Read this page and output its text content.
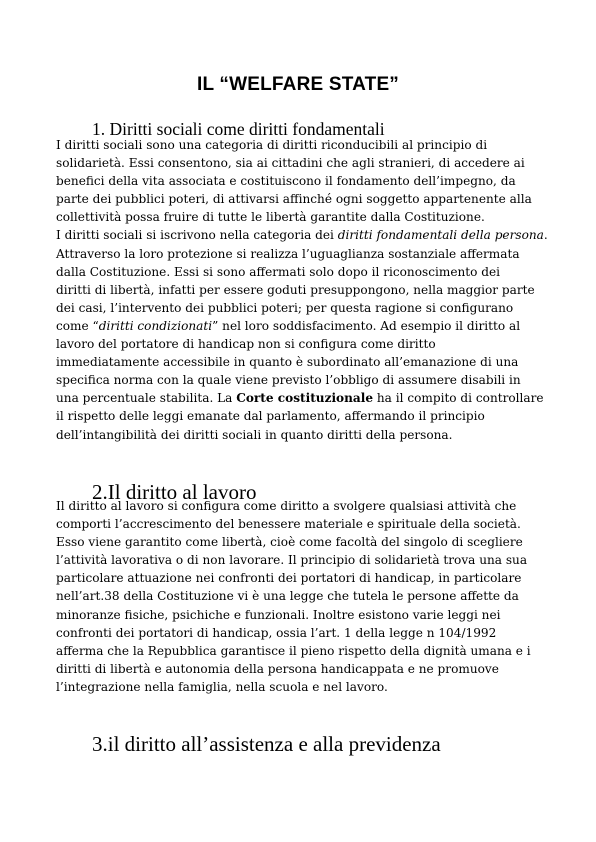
IL “WELFARE STATE”
1. Diritti sociali come diritti fondamentali
I diritti sociali sono una categoria di diritti riconducibili al principio di
solidarietà. Essi consentono, sia ai cittadini che agli stranieri, di accedere ai
benefici della vita associata e costituiscono il fondamento dell’impegno, da
parte dei pubblici poteri, di attivarsi affinché ogni soggetto appartenente alla
collettività possa fruire di tutte le libertà garantite dalla Costituzione.
I diritti sociali si iscrivono nella categoria dei diritti fondamentali della persona.
Attraverso la loro protezione si realizza l’uguaglianza sostanziale affermata
dalla Costituzione. Essi si sono affermati solo dopo il riconoscimento dei
diritti di libertà, infatti per essere goduti presuppongono, nella maggior parte
dei casi, l’intervento dei pubblici poteri; per questa ragione si configurano
come “diritti condizionati” nel loro soddisfacimento. Ad esempio il diritto al
lavoro del portatore di handicap non si configura come diritto
immediatamente accessibile in quanto è subordinato all’emanazione di una
specifica norma con la quale viene previsto l’obbligo di assumere disabili in
una percentuale stabilita. La Corte costituzionale ha il compito di controllare
il rispetto delle leggi emanate dal parlamento, affermando il principio
dell’intangibilità dei diritti sociali in quanto diritti della persona.
2.Il diritto al lavoro
Il diritto al lavoro si configura come diritto a svolgere qualsiasi attività che
comporti l’accrescimento del benessere materiale e spirituale della società.
Esso viene garantito come libertà, cioè come facoltà del singolo di scegliere
l’attività lavorativa o di non lavorare. Il principio di solidarietà trova una sua
particolare attuazione nei confronti dei portatori di handicap, in particolare
nell’art.38 della Costituzione vi è una legge che tutela le persone affette da
minoranze fisiche, psichiche e funzionali. Inoltre esistono varie leggi nei
confronti dei portatori di handicap, ossia l’art. 1 della legge n 104/1992
afferma che la Repubblica garantisce il pieno rispetto della dignità umana e i
diritti di libertà e autonomia della persona handicappata e ne promuove
l’integrazione nella famiglia, nella scuola e nel lavoro.
3.il diritto all’assistenza e alla previdenza
